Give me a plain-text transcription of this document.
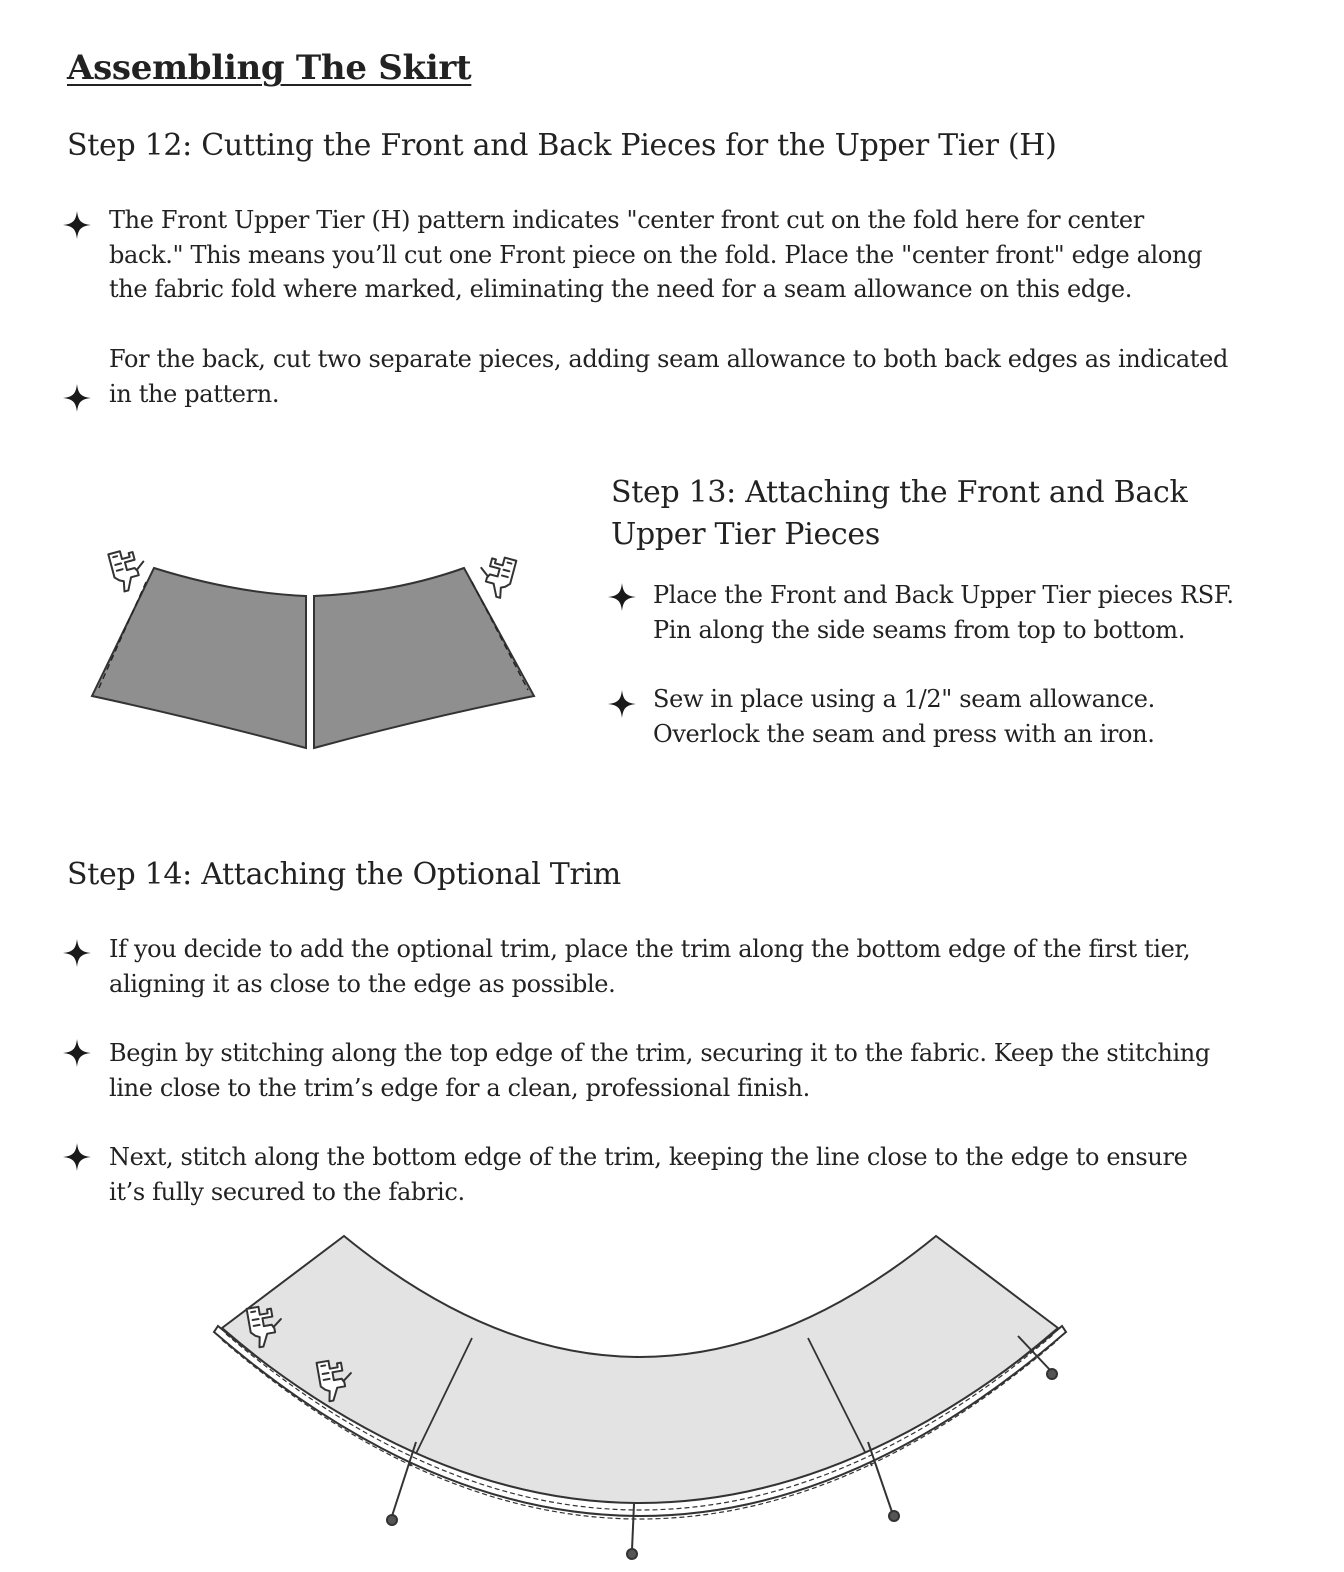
Assembling The Skirt
Step 12: Cutting the Front and Back Pieces for the Upper Tier (H)
The Front Upper Tier (H) pattern indicates "center front cut on the fold here for center
back." This means you’ll cut one Front piece on the fold. Place the "center front" edge along
the fabric fold where marked, eliminating the need for a seam allowance on this edge.
For the back, cut two separate pieces, adding seam allowance to both back edges as indicated
in the pattern.
Step 13: Attaching the Front and Back
Upper Tier Pieces
Place the Front and Back Upper Tier pieces RSF.
Pin along the side seams from top to bottom.
Sew in place using a 1/2" seam allowance.
Overlock the seam and press with an iron.
Step 14: Attaching the Optional Trim
If you decide to add the optional trim, place the trim along the bottom edge of the first tier,
aligning it as close to the edge as possible.
Begin by stitching along the top edge of the trim, securing it to the fabric. Keep the stitching
line close to the trim’s edge for a clean, professional finish.
Next, stitch along the bottom edge of the trim, keeping the line close to the edge to ensure
it’s fully secured to the fabric.
